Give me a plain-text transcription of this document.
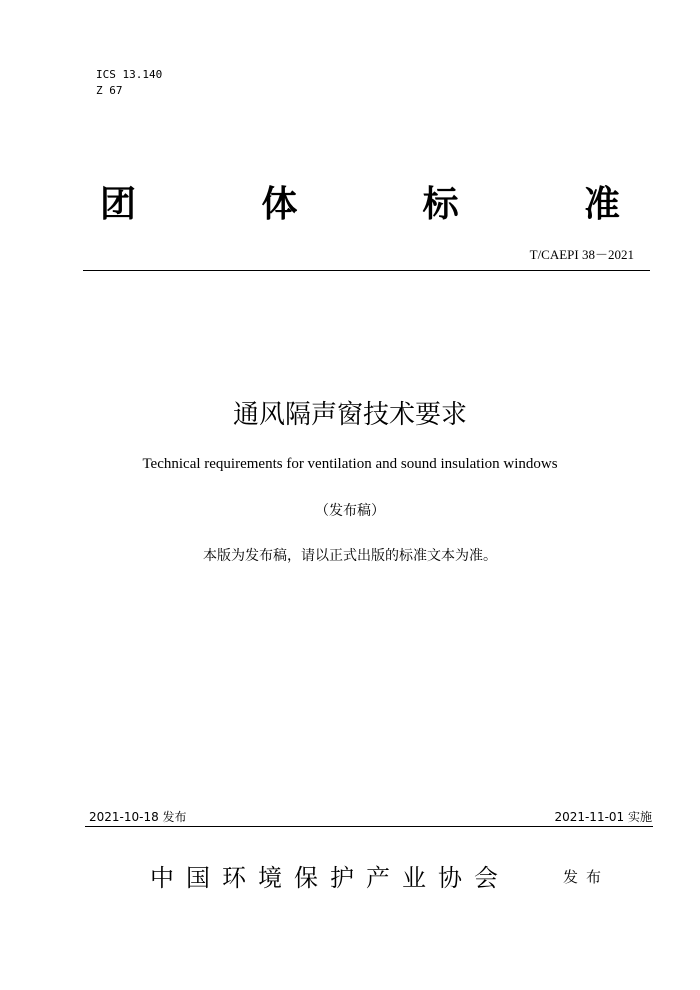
ICS 13.140
Z 67
团	体	标	准
T/CAEPI 38－2021
通风隔声窗技术要求
Technical requirements for ventilation and sound insulation windows
（发布稿）
本版为发布稿，请以正式出版的标准文本为准。
2021-10-18 发布	2021-11-01 实施
中国环境保护产业协会	发布
